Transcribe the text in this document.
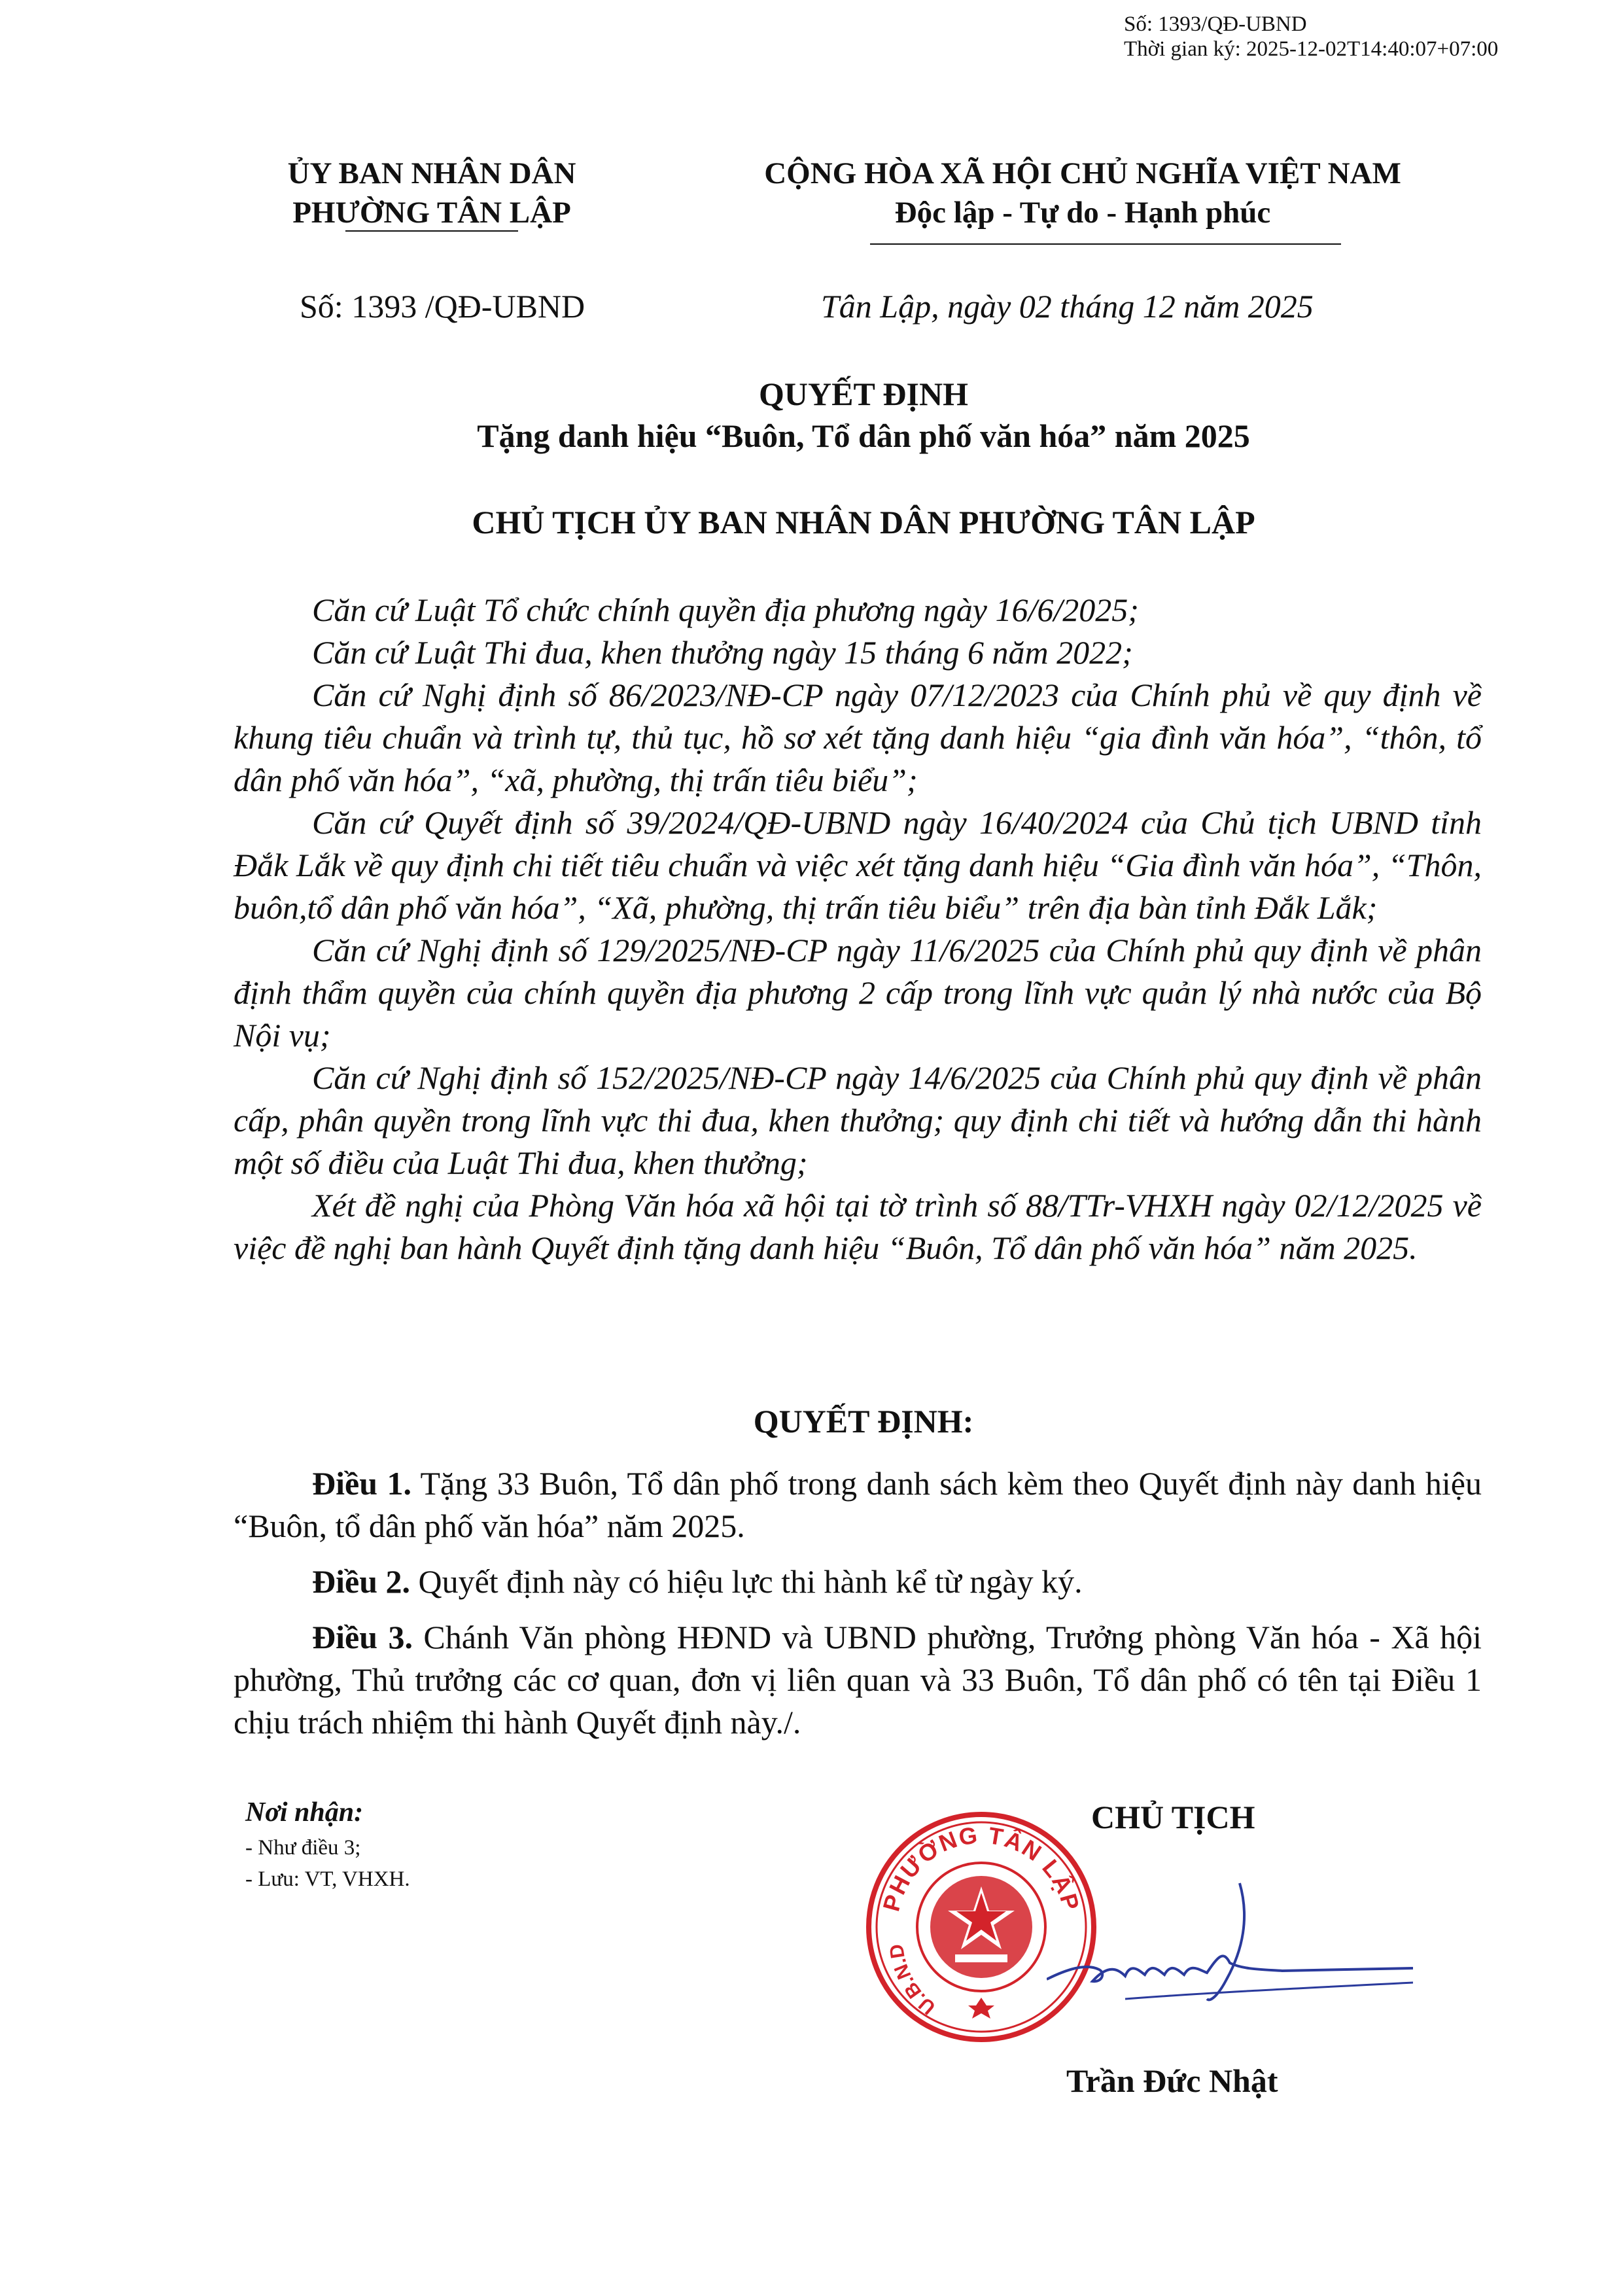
Số: 1393/QĐ-UBND
Thời gian ký: 2025-12-02T14:40:07+07:00
ỦY BAN NHÂN DÂN
PHƯỜNG TÂN LẬP
CỘNG HÒA XÃ HỘI CHỦ NGHĨA VIỆT NAM
Độc lập - Tự do - Hạnh phúc
Số: 1393 /QĐ-UBND	Tân Lập, ngày 02 tháng 12 năm 2025
QUYẾT ĐỊNH
Tặng danh hiệu “Buôn, Tổ dân phố văn hóa” năm 2025
CHỦ TỊCH ỦY BAN NHÂN DÂN PHƯỜNG TÂN LẬP

Căn cứ Luật Tổ chức chính quyền địa phương ngày 16/6/2025;

Căn cứ Luật Thi đua, khen thưởng ngày 15 tháng 6 năm 2022;

Căn cứ Nghị định số 86/2023/NĐ-CP ngày 07/12/2023 của Chính phủ về quy định về khung tiêu chuẩn và trình tự, thủ tục, hồ sơ xét tặng danh hiệu “gia đình văn hóa”, “thôn, tổ dân phố văn hóa”, “xã, phường, thị trấn tiêu biểu”;

Căn cứ Quyết định số 39/2024/QĐ-UBND ngày 16/40/2024 của Chủ tịch UBND tỉnh Đắk Lắk về quy định chi tiết tiêu chuẩn và việc xét tặng danh hiệu “Gia đình văn hóa”, “Thôn, buôn,tổ dân phố văn hóa”, “Xã, phường, thị trấn tiêu biểu” trên địa bàn tỉnh Đắk Lắk;

Căn cứ Nghị định số 129/2025/NĐ-CP ngày 11/6/2025 của Chính phủ quy định về phân định thẩm quyền của chính quyền địa phương 2 cấp trong lĩnh vực quản lý nhà nước của Bộ Nội vụ;

Căn cứ Nghị định số 152/2025/NĐ-CP ngày 14/6/2025 của Chính phủ quy định về phân cấp, phân quyền trong lĩnh vực thi đua, khen thưởng; quy định chi tiết và hướng dẫn thi hành một số điều của Luật Thi đua, khen thưởng;

Xét đề nghị của Phòng Văn hóa xã hội tại tờ trình số 88/TTr-VHXH ngày 02/12/2025 về việc đề nghị ban hành Quyết định tặng danh hiệu “Buôn, Tổ dân phố văn hóa” năm 2025.

QUYẾT ĐỊNH:

Điều 1. Tặng 33 Buôn, Tổ dân phố trong danh sách kèm theo Quyết định này danh hiệu “Buôn, tổ dân phố văn hóa” năm 2025.

Điều 2. Quyết định này có hiệu lực thi hành kể từ ngày ký.

Điều 3. Chánh Văn phòng HĐND và UBND phường, Trưởng phòng Văn hóa - Xã hội phường, Thủ trưởng các cơ quan, đơn vị liên quan và 33 Buôn, Tổ dân phố có tên tại Điều 1 chịu trách nhiệm thi hành Quyết định này./.

Nơi nhận:
- Như điều 3;
- Lưu: VT, VHXH.
CHỦ TỊCH
PHƯỜNG TÂN LẬP
U.B.N.D
Trần Đức Nhật
